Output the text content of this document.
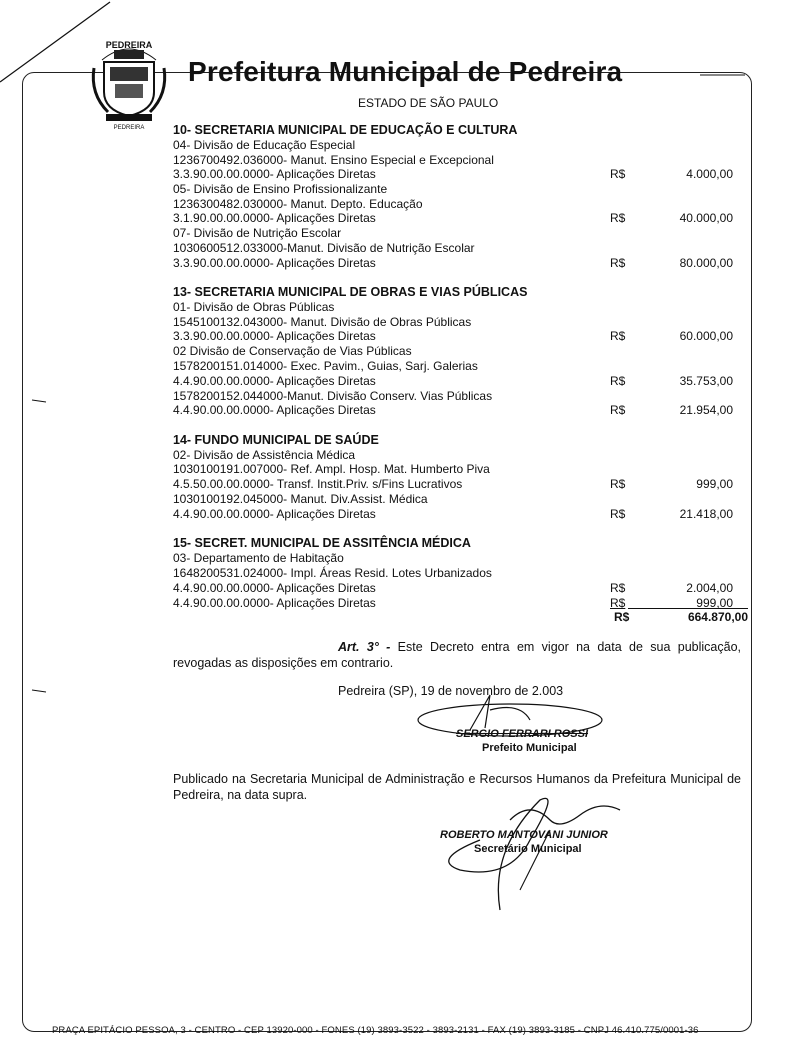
PEDREIRA
PEDREIRA
Prefeitura Municipal de Pedreira
ESTADO DE SÃO PAULO
10- SECRETARIA MUNICIPAL DE EDUCAÇÃO E CULTURA
04- Divisão de Educação Especial
1236700492.036000- Manut. Ensino Especial e Excepcional
3.3.90.00.00.0000- Aplicações Diretas	R$	4.000,00
05- Divisão de Ensino Profissionalizante
1236300482.030000- Manut. Depto. Educação
3.1.90.00.00.0000- Aplicações Diretas	R$	40.000,00
07- Divisão de Nutrição Escolar
1030600512.033000-Manut. Divisão de Nutrição Escolar
3.3.90.00.00.0000- Aplicações Diretas	R$	80.000,00
13- SECRETARIA MUNICIPAL DE OBRAS E VIAS PÚBLICAS
01- Divisão de Obras Públicas
1545100132.043000- Manut. Divisão de Obras Públicas
3.3.90.00.00.0000- Aplicações Diretas	R$	60.000,00
02 Divisão de Conservação de Vias Públicas
1578200151.014000- Exec. Pavim., Guias, Sarj. Galerias
4.4.90.00.00.0000- Aplicações Diretas	R$	35.753,00
1578200152.044000-Manut. Divisão Conserv. Vias Públicas
4.4.90.00.00.0000- Aplicações Diretas	R$	21.954,00
14- FUNDO MUNICIPAL DE SAÚDE
02- Divisão de Assistência Médica
1030100191.007000- Ref. Ampl. Hosp. Mat. Humberto Piva
4.5.50.00.00.0000- Transf. Instit.Priv. s/Fins Lucrativos	R$	999,00
1030100192.045000- Manut. Div.Assist. Médica
4.4.90.00.00.0000- Aplicações Diretas	R$	21.418,00
15- SECRET. MUNICIPAL DE ASSITÊNCIA MÉDICA
03- Departamento de Habitação
1648200531.024000- Impl. Áreas Resid. Lotes Urbanizados
4.4.90.00.00.0000- Aplicações Diretas	R$	2.004,00
4.4.90.00.00.0000- Aplicações Diretas	R$	999,00
R$	664.870,00
Art. 3° - Este Decreto entra em vigor na data de sua publicação, revogadas as disposições em contrario.
Pedreira (SP), 19 de novembro de 2.003
SERGIO FERRARI ROSSI
Prefeito Municipal
Publicado na Secretaria Municipal de Administração e Recursos Humanos da Prefeitura Municipal de Pedreira, na data supra.
ROBERTO MANTOVANI JUNIOR
Secretário Municipal
PRAÇA EPITÁCIO PESSOA, 3 - CENTRO - CEP 13920-000 - FONES (19) 3893-3522 - 3893-2131 - FAX (19) 3893-3185 - CNPJ 46.410.775/0001-36
